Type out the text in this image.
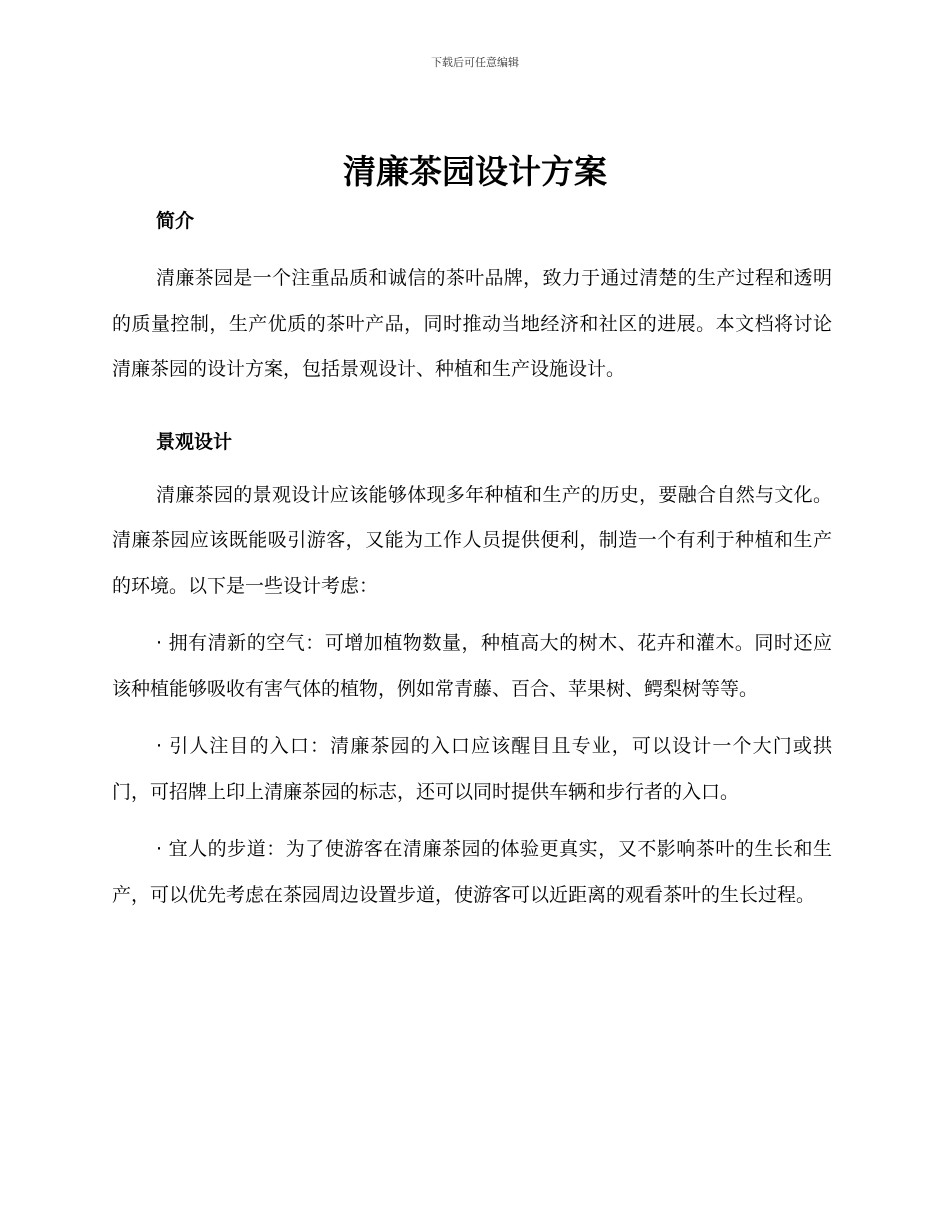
下载后可任意编辑
清廉茶园设计方案
简介

清廉茶园是一个注重品质和诚信的茶叶品牌，致力于通过清楚的生产过程和透明的质量控制，生产优质的茶叶产品，同时推动当地经济和社区的进展。本文档将讨论清廉茶园的设计方案，包括景观设计、种植和生产设施设计。

景观设计

清廉茶园的景观设计应该能够体现多年种植和生产的历史，要融合自然与文化。清廉茶园应该既能吸引游客，又能为工作人员提供便利，制造一个有利于种植和生产的环境。以下是一些设计考虑：

· 拥有清新的空气：可增加植物数量，种植高大的树木、花卉和灌木。同时还应该种植能够吸收有害气体的植物，例如常青藤、百合、苹果树、鳄梨树等等。

· 引人注目的入口：清廉茶园的入口应该醒目且专业，可以设计一个大门或拱门，可招牌上印上清廉茶园的标志，还可以同时提供车辆和步行者的入口。

· 宜人的步道：为了使游客在清廉茶园的体验更真实，又不影响茶叶的生长和生产，可以优先考虑在茶园周边设置步道，使游客可以近距离的观看茶叶的生长过程。
